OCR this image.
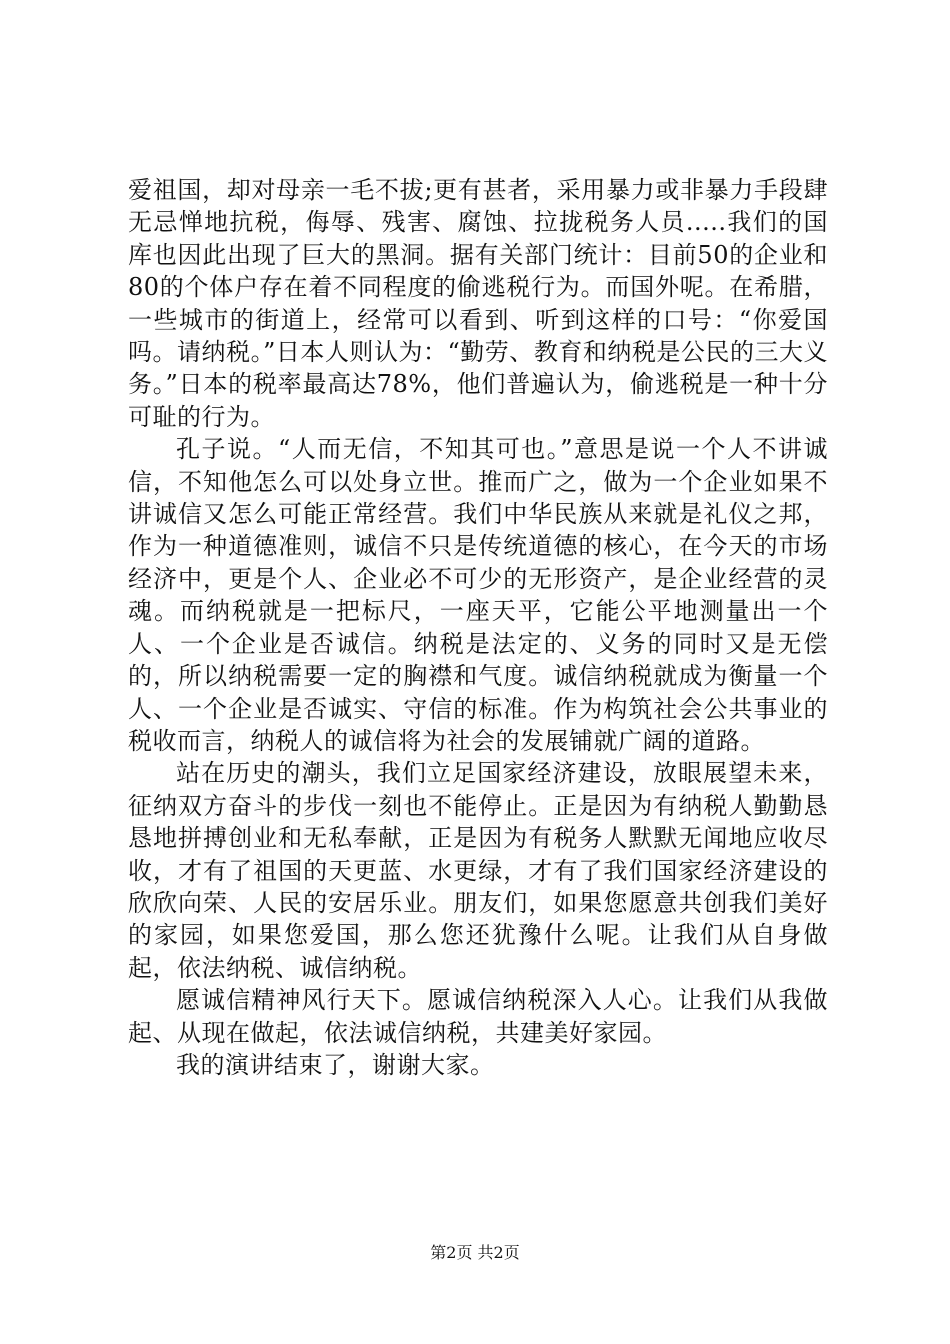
爱祖国，却对母亲一毛不拔;更有甚者，采用暴力或非暴力手段肆无忌惮地抗税，侮辱、残害、腐蚀、拉拢税务人员.....我们的国库也因此出现了巨大的黑洞。据有关部门统计：目前50的企业和80的个体户存在着不同程度的偷逃税行为。而国外呢。在希腊，一些城市的街道上，经常可以看到、听到这样的口号：“你爱国吗。请纳税。”日本人则认为：“勤劳、教育和纳税是公民的三大义务。”日本的税率最高达78%，他们普遍认为，偷逃税是一种十分可耻的行为。

孔子说。“人而无信，不知其可也。”意思是说一个人不讲诚信，不知他怎么可以处身立世。推而广之，做为一个企业如果不讲诚信又怎么可能正常经营。我们中华民族从来就是礼仪之邦，作为一种道德准则，诚信不只是传统道德的核心，在今天的市场经济中，更是个人、企业必不可少的无形资产，是企业经营的灵魂。而纳税就是一把标尺，一座天平，它能公平地测量出一个人、一个企业是否诚信。纳税是法定的、义务的同时又是无偿的，所以纳税需要一定的胸襟和气度。诚信纳税就成为衡量一个人、一个企业是否诚实、守信的标准。作为构筑社会公共事业的税收而言，纳税人的诚信将为社会的发展铺就广阔的道路。

站在历史的潮头，我们立足国家经济建设，放眼展望未来，征纳双方奋斗的步伐一刻也不能停止。正是因为有纳税人勤勤恳恳地拼搏创业和无私奉献，正是因为有税务人默默无闻地应收尽收，才有了祖国的天更蓝、水更绿，才有了我们国家经济建设的欣欣向荣、人民的安居乐业。朋友们，如果您愿意共创我们美好的家园，如果您爱国，那么您还犹豫什么呢。让我们从自身做起，依法纳税、诚信纳税。

愿诚信精神风行天下。愿诚信纳税深入人心。让我们从我做起、从现在做起，依法诚信纳税，共建美好家园。

我的演讲结束了，谢谢大家。

第2页 共2页
